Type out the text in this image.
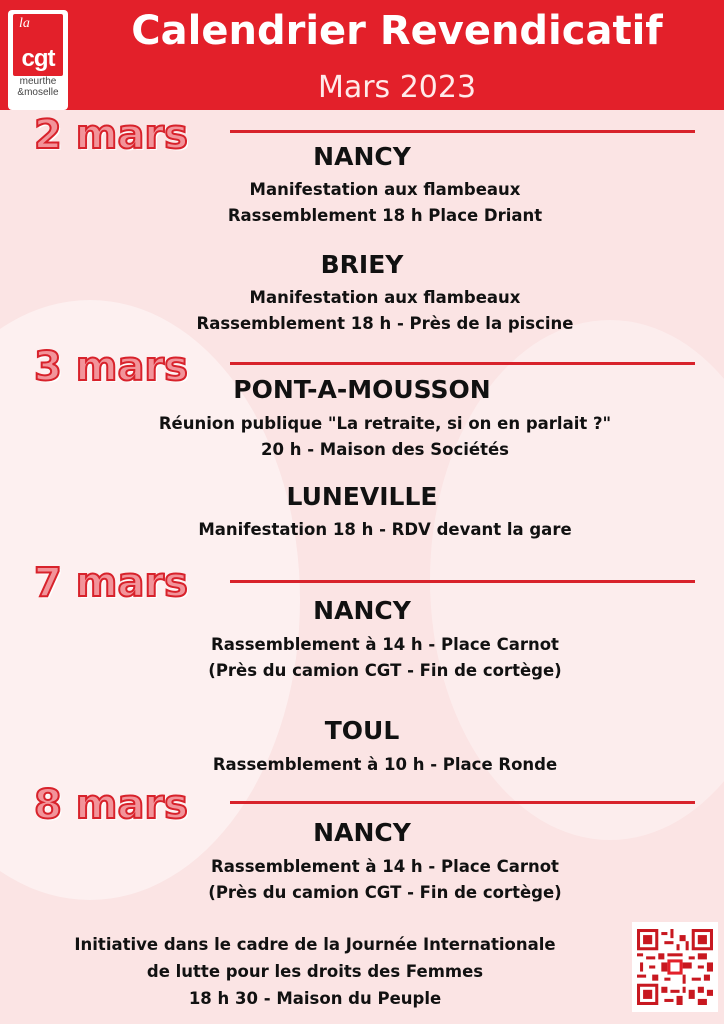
la
cgt
meurthe
&moselle
Calendrier Revendicatif
Mars 2023
2 mars	NANCY
Manifestation aux flambeaux
Rassemblement 18 h Place Driant
BRIEY
Manifestation aux flambeaux
Rassemblement 18 h - Près de la piscine
3 mars	PONT-A-MOUSSON
Réunion publique "La retraite, si on en parlait ?"
20 h - Maison des Sociétés
LUNEVILLE
Manifestation 18 h - RDV devant la gare
7 mars
NANCY
Rassemblement à 14 h - Place Carnot
(Près du camion CGT - Fin de cortège)
TOUL
Rassemblement à 10 h - Place Ronde
8 mars
NANCY
Rassemblement à 14 h - Place Carnot
(Près du camion CGT - Fin de cortège)
Initiative dans le cadre de la Journée Internationale
de lutte pour les droits des Femmes
18 h 30 - Maison du Peuple
